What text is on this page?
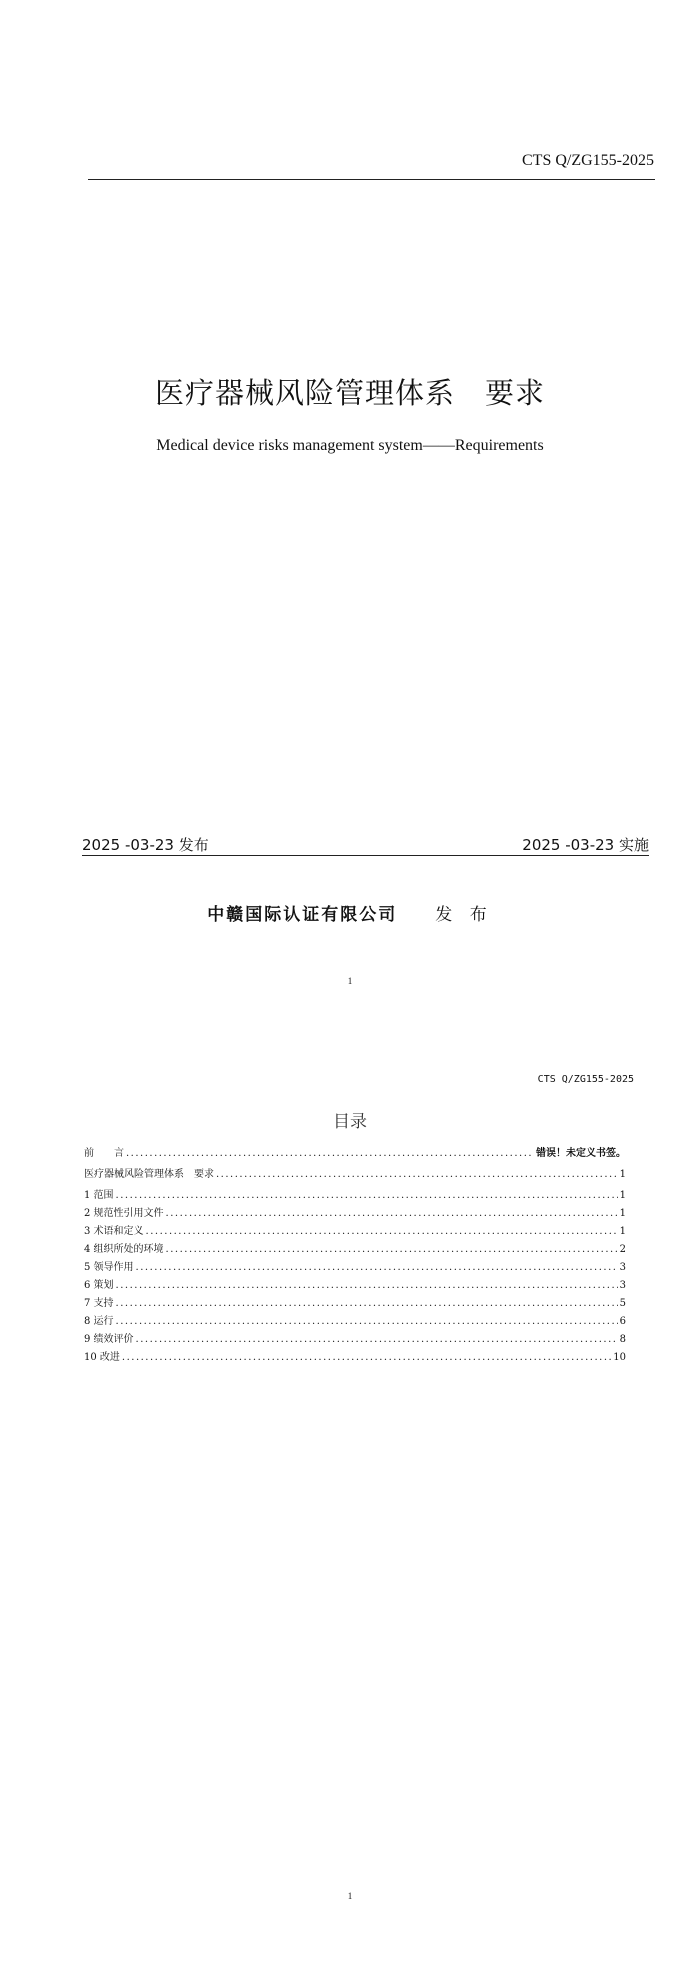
CTS Q/ZG155-2025
医疗器械风险管理体系　要求
Medical device risks management system——Requirements
2025 -03-23 发布	2025 -03-23 实施
中赣国际认证有限公司 发 布
1
CTS Q/ZG155-2025
目录
前　　言 .....	错误！未定义书签。
医疗器械风险管理体系　要求 .....	1
1 范围 .....	1
2 规范性引用文件 .....	1
3 术语和定义 .....	1
4 组织所处的环境 .....	2
5 领导作用 .....	3
6 策划 .....	3
7 支持 .....	5
8 运行 .....	6
9 绩效评价 .....	8
10 改进 .....	10
1
